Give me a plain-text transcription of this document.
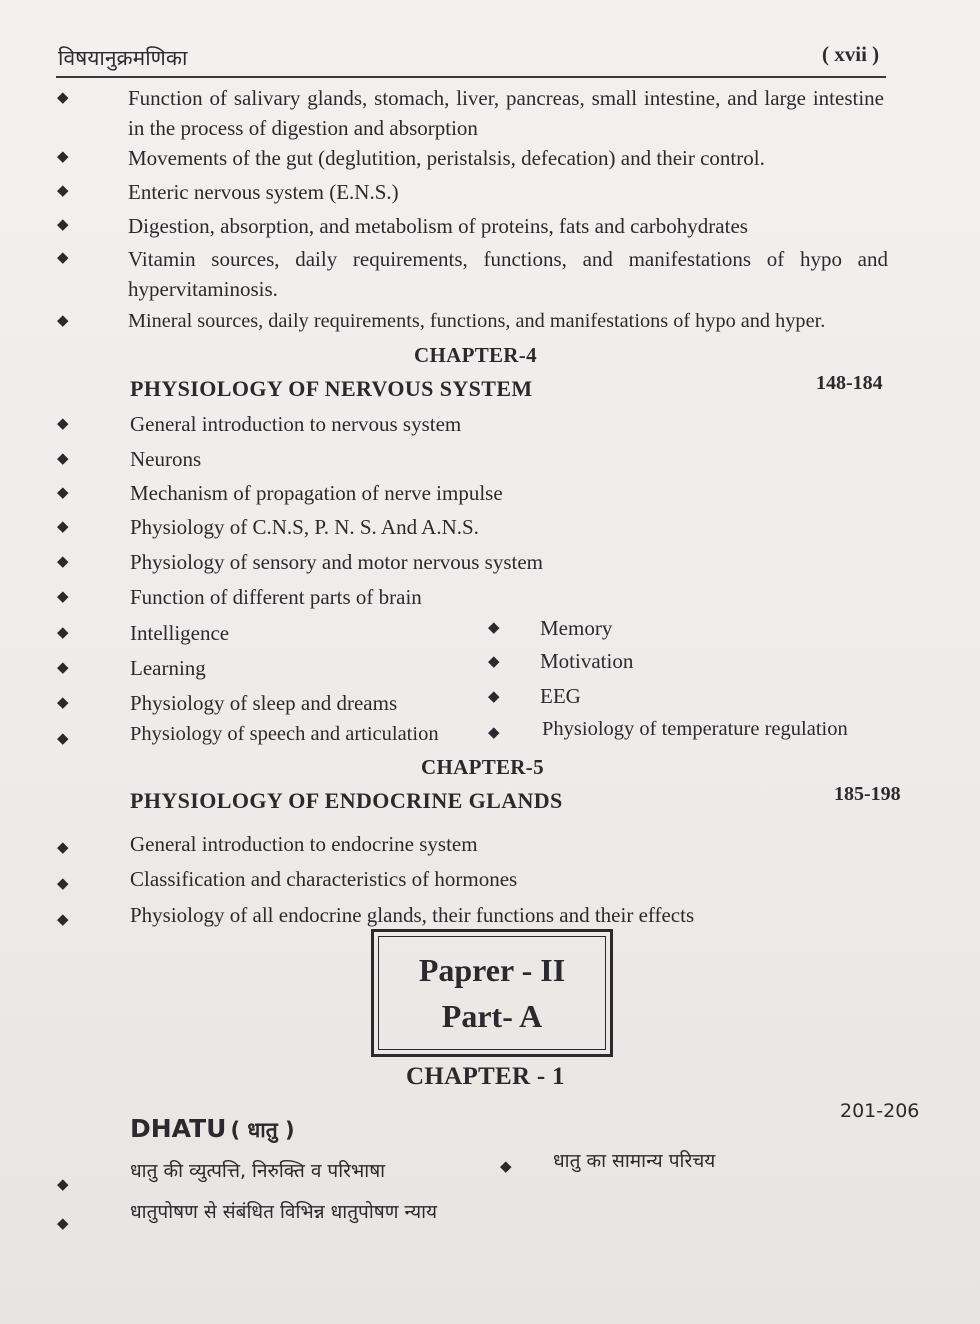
विषयानुक्रमणिका	( xvii )
◆	Function of salivary glands, stomach, liver, pancreas, small intestine, and large intestine in the process of digestion and absorption
◆	Movements of the gut (deglutition, peristalsis, defecation) and their control.
◆	Enteric nervous system (E.N.S.)
◆	Digestion, absorption, and metabolism of proteins, fats and carbohydrates
◆	Vitamin sources, daily requirements, functions, and manifestations of hypo and hypervitaminosis.
◆	Mineral sources, daily requirements, functions, and manifestations of hypo and hyper.
CHAPTER-4
PHYSIOLOGY OF NERVOUS SYSTEM	148-184
◆	General introduction to nervous system
◆	Neurons
◆	Mechanism of propagation of nerve impulse
◆	Physiology of C.N.S, P. N. S. And A.N.S.
◆	Physiology of sensory and motor nervous system
◆	Function of different parts of brain
◆	Intelligence	◆ Memory
◆	Learning	◆ Motivation
◆	Physiology of sleep and dreams	◆ EEG
◆	Physiology of speech and articulation	◆ Physiology of temperature regulation
CHAPTER-5
PHYSIOLOGY OF ENDOCRINE GLANDS	185-198
◆	General introduction to endocrine system
◆	Classification and characteristics of hormones
◆	Physiology of all endocrine glands, their functions and their effects
Paprer - II
Part- A
CHAPTER - 1
201-206
DHATU ( धातु )
◆
धातु की व्युत्पत्ति, निरुक्ति व परिभाषा	◆ धातु का सामान्य परिचय
◆
धातुपोषण से संबंधित विभिन्न धातुपोषण न्याय
